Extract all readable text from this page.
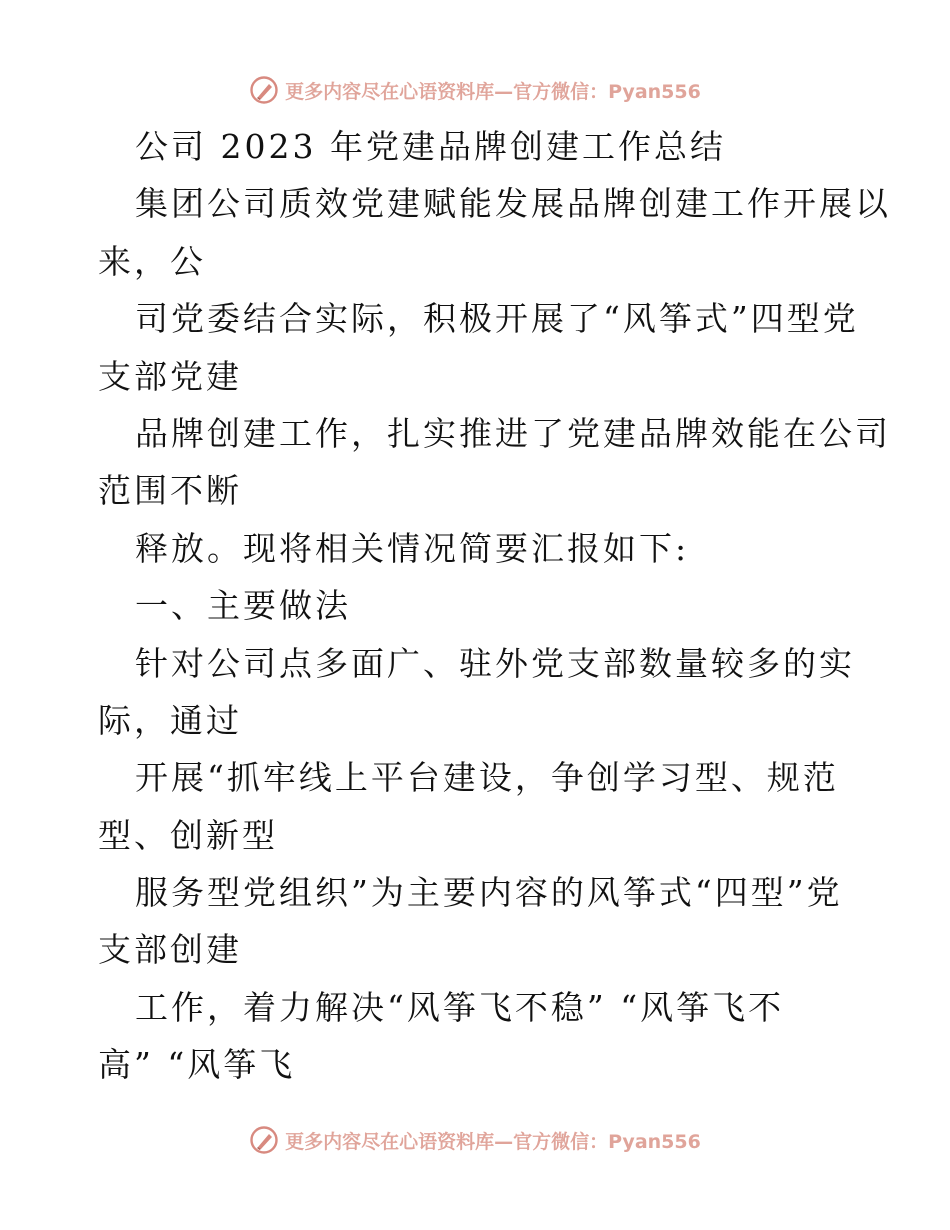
更多内容尽在心语资料库—官方微信：Pyan556
公司 2023 年党建品牌创建工作总结
集团公司质效党建赋能发展品牌创建工作开展以
来，公
司党委结合实际，积极开展了“风筝式”四型党
支部党建
品牌创建工作，扎实推进了党建品牌效能在公司
范围不断
释放。现将相关情况简要汇报如下:
一、主要做法
针对公司点多面广、驻外党支部数量较多的实
际，通过
开展“抓牢线上平台建设，争创学习型、规范
型、创新型
服务型党组织”为主要内容的风筝式“四型”党
支部创建
工作，着力解决“风筝飞不稳” “风筝飞不
高” “风筝飞
更多内容尽在心语资料库—官方微信：Pyan556
